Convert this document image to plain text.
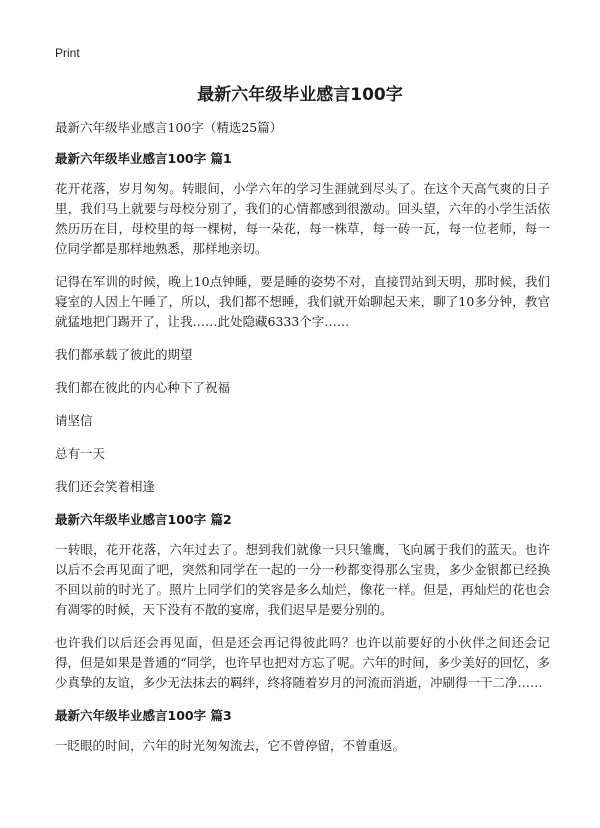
Print
最新六年级毕业感言100字

最新六年级毕业感言100字（精选25篇）

最新六年级毕业感言100字 篇1

花开花落，岁月匆匆。转眼间，小学六年的学习生涯就到尽头了。在这个天高气爽的日子里，我们马上就要与母校分别了，我们的心情都感到很激动。回头望，六年的小学生活依然历历在目，母校里的每一棵树，每一朵花，每一株草，每一砖一瓦，每一位老师，每一位同学都是那样地熟悉，那样地亲切。

记得在军训的时候，晚上10点钟睡，要是睡的姿势不对，直接罚站到天明，那时候，我们寝室的人因上午睡了，所以，我们都不想睡，我们就开始聊起天来，聊了10多分钟，教官就猛地把门踢开了，让我……此处隐藏6333个字……

我们都承载了彼此的期望

我们都在彼此的内心种下了祝福

请坚信

总有一天

我们还会笑着相逢

最新六年级毕业感言100字 篇2

一转眼，花开花落，六年过去了。想到我们就像一只只雏鹰，飞向属于我们的蓝天。也许以后不会再见面了吧，突然和同学在一起的一分一秒都变得那么宝贵，多少金银都已经换不回以前的时光了。照片上同学们的笑容是多么灿烂，像花一样。但是，再灿烂的花也会有凋零的时候，天下没有不散的宴席，我们迟早是要分别的。

也许我们以后还会再见面，但是还会再记得彼此吗？也许以前要好的小伙伴之间还会记得，但是如果是普通的“同学，也许早也把对方忘了呢。六年的时间，多少美好的回忆，多少真挚的友谊，多少无法抹去的羁绊，终将随着岁月的河流而消逝，冲刷得一干二净……

最新六年级毕业感言100字 篇3

一眨眼的时间，六年的时光匆匆流去，它不曾停留，不曾重返。
